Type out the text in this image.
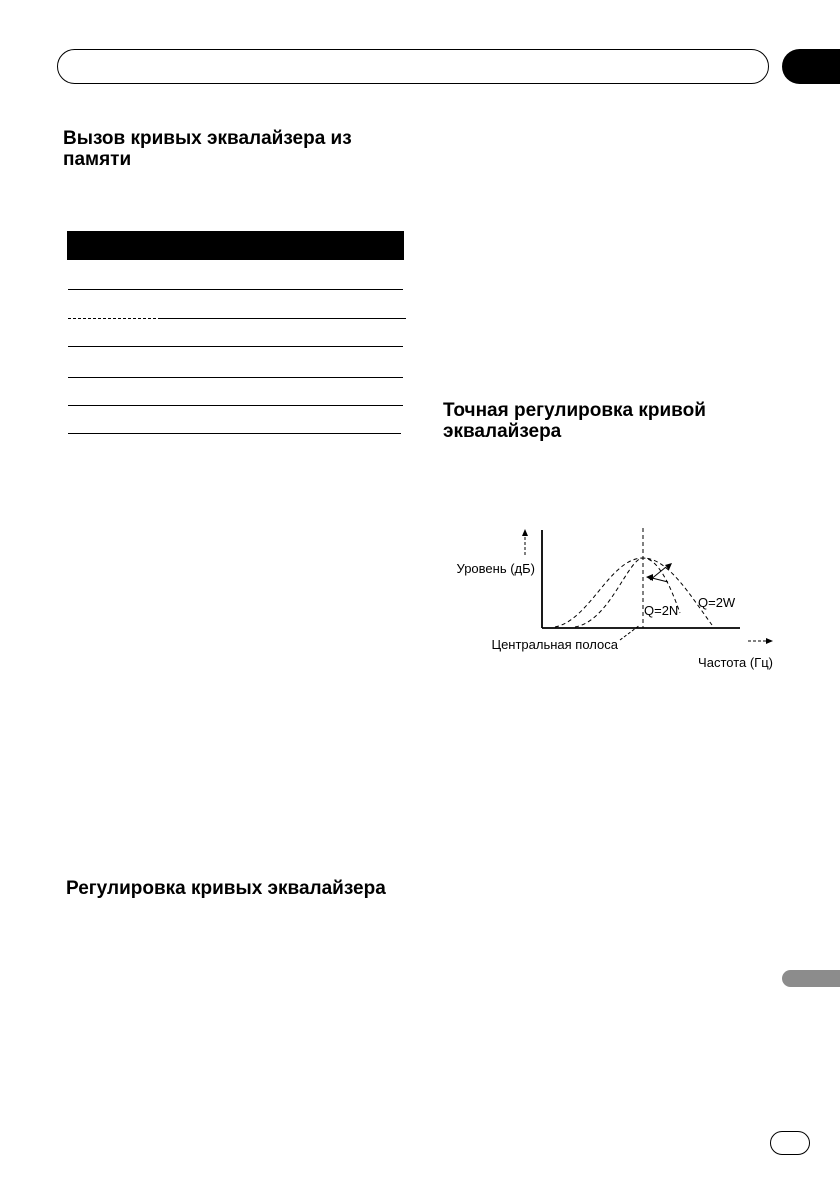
Вызов кривых эквалайзера из памяти
Точная регулировка кривой эквалайзера
Уровень (дБ)
Частота (Гц)
Центральная полоса
Q=2N
Q=2W
Регулировка кривых эквалайзера
